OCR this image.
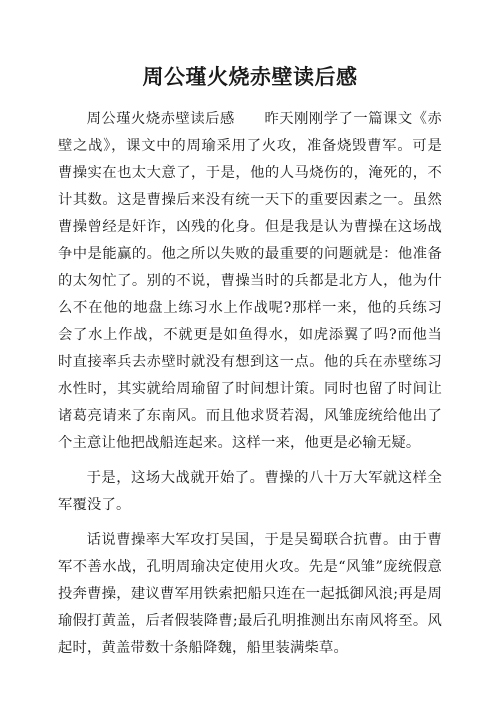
周公瑾火烧赤壁读后感

周公瑾火烧赤壁读后感　　昨天刚刚学了一篇课文《赤壁之战》，课文中的周瑜采用了火攻，准备烧毁曹军。可是曹操实在也太大意了，于是，他的人马烧伤的，淹死的，不计其数。这是曹操后来没有统一天下的重要因素之一。虽然曹操曾经是奸诈，凶残的化身。但是我是认为曹操在这场战争中是能赢的。他之所以失败的最重要的问题就是：他准备的太匆忙了。别的不说，曹操当时的兵都是北方人，他为什么不在他的地盘上练习水上作战呢?那样一来，他的兵练习会了水上作战，不就更是如鱼得水，如虎添翼了吗?而他当时直接率兵去赤壁时就没有想到这一点。他的兵在赤壁练习水性时，其实就给周瑜留了时间想计策。同时也留了时间让诸葛亮请来了东南风。而且他求贤若渴，风雏庞统给他出了个主意让他把战船连起来。这样一来，他更是必输无疑。

于是，这场大战就开始了。曹操的八十万大军就这样全军覆没了。

话说曹操率大军攻打吴国，于是吴蜀联合抗曹。由于曹军不善水战，孔明周瑜决定使用火攻。先是“风雏”庞统假意投奔曹操，建议曹军用铁索把船只连在一起抵御风浪;再是周瑜假打黄盖，后者假装降曹;最后孔明推测出东南风将至。风起时，黄盖带数十条船降魏，船里装满柴草。
